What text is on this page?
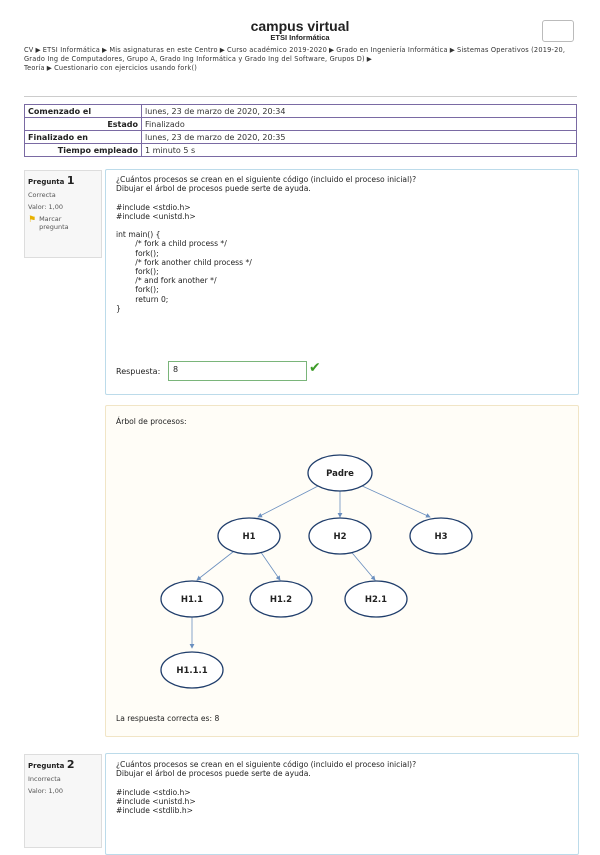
campus virtual
ETSI Informática
CV ▶ ETSI Informática ▶ Mis asignaturas en este Centro ▶ Curso académico 2019-2020 ▶ Grado en Ingeniería Informática ▶ Sistemas Operativos (2019-20, Grado Ing de Computadores, Grupo A, Grado Ing Informática y Grado Ing del Software, Grupos D) ▶
Teoría ▶ Cuestionario con ejercicios usando fork()
Comenzado el	lunes, 23 de marzo de 2020, 20:34
Estado	Finalizado
Finalizado en	lunes, 23 de marzo de 2020, 20:35
Tiempo empleado	1 minuto 5 s
Pregunta 1
Correcta
Valor: 1,00
⚑ Marcar pregunta
¿Cuántos procesos se crean en el siguiente código (incluido el proceso inicial)?
Dibujar el árbol de procesos puede serte de ayuda.

#include <stdio.h>
#include <unistd.h>

int main() {
/* fork a child process */
fork();
/* fork another child process */
fork();
/* and fork another */
fork();
return 0;
}
Respuesta:	8	✔
Árbol de procesos:
Padre
H1	H2	H3
H1.1	H1.2	H2.1
H1.1.1
La respuesta correcta es: 8
Pregunta 2
Incorrecta
Valor: 1,00
¿Cuántos procesos se crean en el siguiente código (incluido el proceso inicial)?
Dibujar el árbol de procesos puede serte de ayuda.

#include <stdio.h>
#include <unistd.h>
#include <stdlib.h>
